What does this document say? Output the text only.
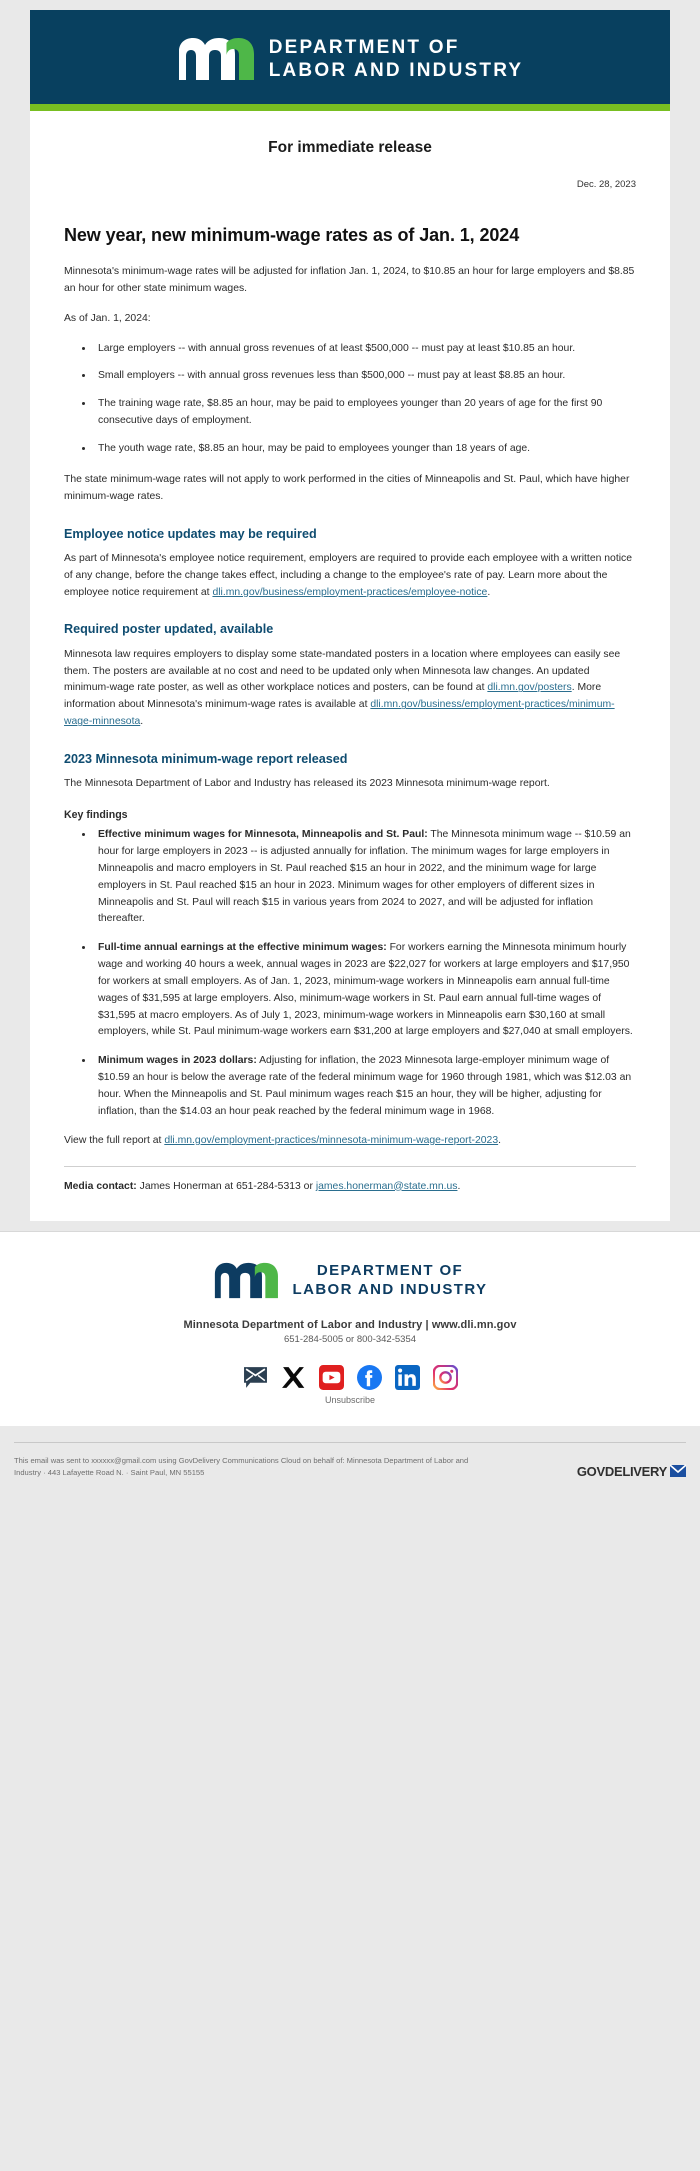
DEPARTMENT OF
LABOR AND INDUSTRY
For immediate release
Dec. 28, 2023
New year, new minimum-wage rates as of Jan. 1, 2024

Minnesota's minimum-wage rates will be adjusted for inflation Jan. 1, 2024, to $10.85 an hour for large employers and $8.85 an hour for other state minimum wages.

As of Jan. 1, 2024:

• Large employers -- with annual gross revenues of at least $500,000 -- must pay at least $10.85 an hour.
• Small employers -- with annual gross revenues less than $500,000 -- must pay at least $8.85 an hour.
• The training wage rate, $8.85 an hour, may be paid to employees younger than 20 years of age for the first 90 consecutive days of employment.
• The youth wage rate, $8.85 an hour, may be paid to employees younger than 18 years of age.

The state minimum-wage rates will not apply to work performed in the cities of Minneapolis and St. Paul, which have higher minimum-wage rates.

Employee notice updates may be required

As part of Minnesota's employee notice requirement, employers are required to provide each employee with a written notice of any change, before the change takes effect, including a change to the employee's rate of pay. Learn more about the employee notice requirement at dli.mn.gov/business/employment-practices/employee-notice.

Required poster updated, available

Minnesota law requires employers to display some state-mandated posters in a location where employees can easily see them. The posters are available at no cost and need to be updated only when Minnesota law changes. An updated minimum-wage rate poster, as well as other workplace notices and posters, can be found at dli.mn.gov/posters. More information about Minnesota's minimum-wage rates is available at dli.mn.gov/business/employment-practices/minimum-wage-minnesota.

2023 Minnesota minimum-wage report released

The Minnesota Department of Labor and Industry has released its 2023 Minnesota minimum-wage report.

Key findings
• Effective minimum wages for Minnesota, Minneapolis and St. Paul: The Minnesota minimum wage -- $10.59 an hour for large employers in 2023 -- is adjusted annually for inflation. The minimum wages for large employers in Minneapolis and macro employers in St. Paul reached $15 an hour in 2022, and the minimum wage for large employers in St. Paul reached $15 an hour in 2023. Minimum wages for other employers of different sizes in Minneapolis and St. Paul will reach $15 in various years from 2024 to 2027, and will be adjusted for inflation thereafter.
• Full-time annual earnings at the effective minimum wages: For workers earning the Minnesota minimum hourly wage and working 40 hours a week, annual wages in 2023 are $22,027 for workers at large employers and $17,950 for workers at small employers. As of Jan. 1, 2023, minimum-wage workers in Minneapolis earn annual full-time wages of $31,595 at large employers. Also, minimum-wage workers in St. Paul earn annual full-time wages of $31,595 at macro employers. As of July 1, 2023, minimum-wage workers in Minneapolis earn $30,160 at small employers, while St. Paul minimum-wage workers earn $31,200 at large employers and $27,040 at small employers.
• Minimum wages in 2023 dollars: Adjusting for inflation, the 2023 Minnesota large-employer minimum wage of $10.59 an hour is below the average rate of the federal minimum wage for 1960 through 1981, which was $12.03 an hour. When the Minneapolis and St. Paul minimum wages reach $15 an hour, they will be higher, adjusting for inflation, than the $14.03 an hour peak reached by the federal minimum wage in 1968.

View the full report at dli.mn.gov/employment-practices/minnesota-minimum-wage-report-2023.

Media contact: James Honerman at 651-284-5313 or james.honerman@state.mn.us.

DEPARTMENT OF
LABOR AND INDUSTRY
Minnesota Department of Labor and Industry | www.dli.mn.gov
651-284-5005 or 800-342-5354
Unsubscribe
This email was sent to xxxxxx@gmail.com using GovDelivery Communications Cloud on behalf of: Minnesota Department of Labor and Industry · 443 Lafayette Road N. · Saint Paul, MN 55155	GOVDELIVERY
